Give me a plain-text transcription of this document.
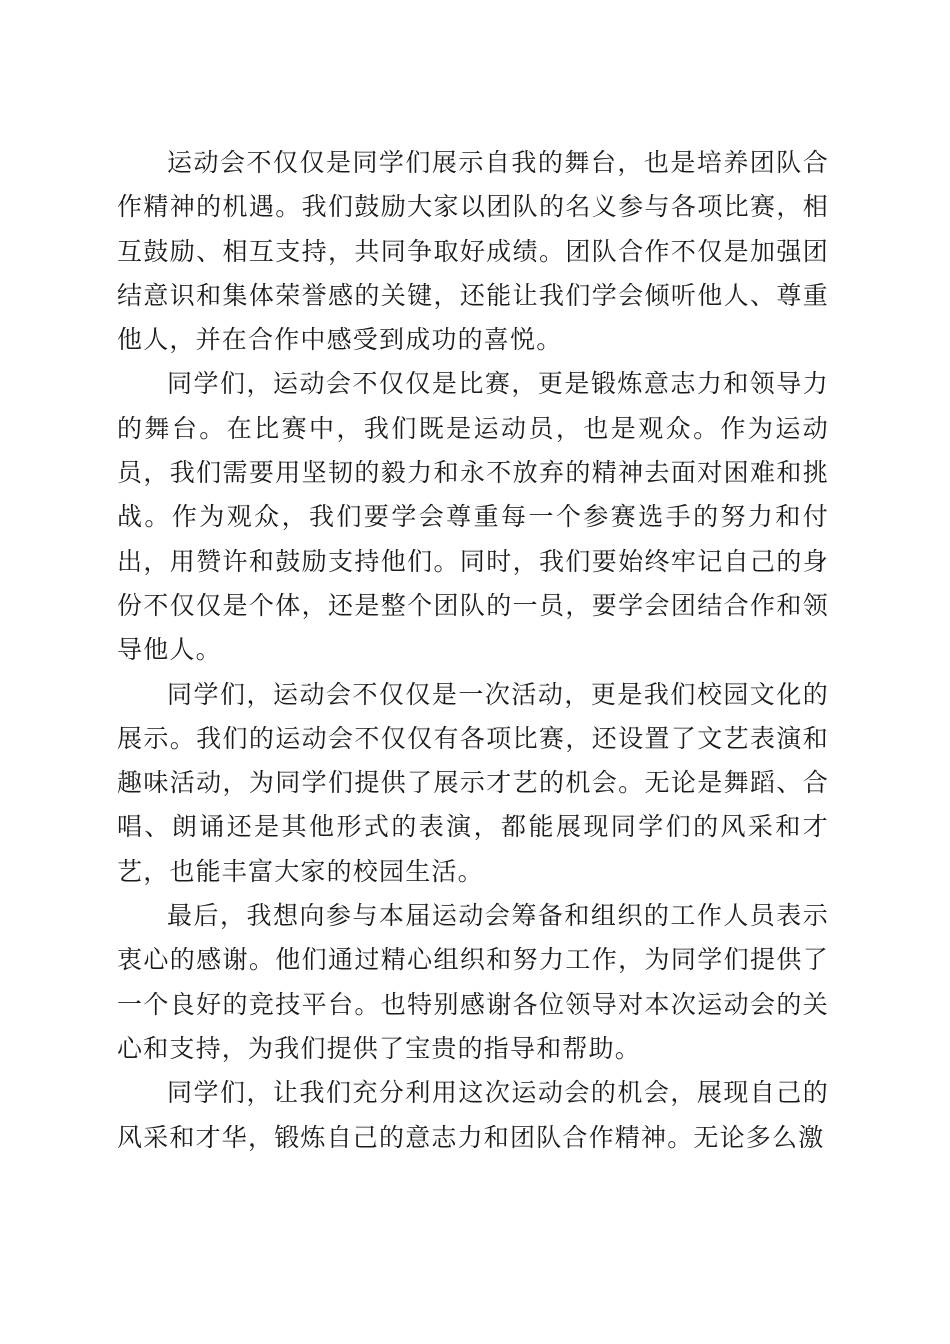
运动会不仅仅是同学们展示自我的舞台，也是培养团队合作精神的机遇。我们鼓励大家以团队的名义参与各项比赛，相互鼓励、相互支持，共同争取好成绩。团队合作不仅是加强团结意识和集体荣誉感的关键，还能让我们学会倾听他人、尊重他人，并在合作中感受到成功的喜悦。

同学们，运动会不仅仅是比赛，更是锻炼意志力和领导力的舞台。在比赛中，我们既是运动员，也是观众。作为运动员，我们需要用坚韧的毅力和永不放弃的精神去面对困难和挑战。作为观众，我们要学会尊重每一个参赛选手的努力和付出，用赞许和鼓励支持他们。同时，我们要始终牢记自己的身份不仅仅是个体，还是整个团队的一员，要学会团结合作和领导他人。

同学们，运动会不仅仅是一次活动，更是我们校园文化的展示。我们的运动会不仅仅有各项比赛，还设置了文艺表演和趣味活动，为同学们提供了展示才艺的机会。无论是舞蹈、合唱、朗诵还是其他形式的表演，都能展现同学们的风采和才艺，也能丰富大家的校园生活。

最后，我想向参与本届运动会筹备和组织的工作人员表示衷心的感谢。他们通过精心组织和努力工作，为同学们提供了一个良好的竞技平台。也特别感谢各位领导对本次运动会的关心和支持，为我们提供了宝贵的指导和帮助。

同学们，让我们充分利用这次运动会的机会，展现自己的风采和才华，锻炼自己的意志力和团队合作精神。无论多么激
